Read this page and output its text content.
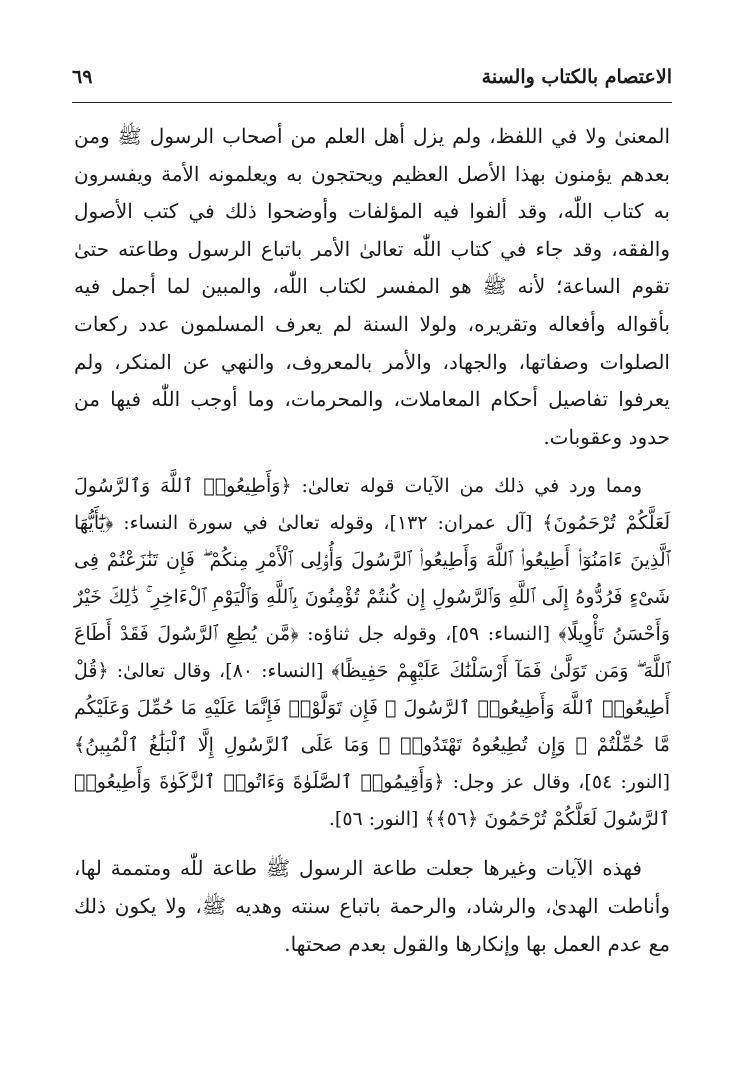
الاعتصام بالكتاب والسنة
٦٩

المعنىٰ ولا في اللفظ، ولم يزل أهل العلم من أصحاب الرسول ﷺ ومن بعدهم يؤمنون بهذا الأصل العظيم ويحتجون به ويعلمونه الأمة ويفسرون به كتاب اللّٰه، وقد ألفوا فيه المؤلفات وأوضحوا ذلك في كتب الأصول والفقه، وقد جاء في كتاب اللّٰه تعالىٰ الأمر باتباع الرسول وطاعته حتىٰ تقوم الساعة؛ لأنه ﷺ هو المفسر لكتاب اللّٰه، والمبين لما أجمل فيه بأقواله وأفعاله وتقريره، ولولا السنة لم يعرف المسلمون عدد ركعات الصلوات وصفاتها، والجهاد، والأمر بالمعروف، والنهي عن المنكر، ولم يعرفوا تفاصيل أحكام المعاملات، والمحرمات، وما أوجب اللّٰه فيها من حدود وعقوبات.

ومما ورد في ذلك من الآيات قوله تعالىٰ: ﴿وَأَطِيعُوا۟ ٱللَّهَ وَٱلرَّسُولَ لَعَلَّكُمْ تُرْحَمُونَ﴾ [آل عمران: ١٣٢]، وقوله تعالىٰ في سورة النساء: ﴿يَٰٓأَيُّهَا ٱلَّذِينَ ءَامَنُوٓا۟ أَطِيعُوا۟ ٱللَّهَ وَأَطِيعُوا۟ ٱلرَّسُولَ وَأُو۟لِى ٱلْأَمْرِ مِنكُمْ ۖ فَإِن تَنَٰزَعْتُمْ فِى شَىْءٍ فَرُدُّوهُ إِلَى ٱللَّهِ وَٱلرَّسُولِ إِن كُنتُمْ تُؤْمِنُونَ بِٱللَّهِ وَٱلْيَوْمِ ٱلْءَاخِرِ ۚ ذَٰلِكَ خَيْرٌ وَأَحْسَنُ تَأْوِيلًا﴾ [النساء: ٥٩]، وقوله جل ثناؤه: ﴿مَّن يُطِعِ ٱلرَّسُولَ فَقَدْ أَطَاعَ ٱللَّهَ ۖ وَمَن تَوَلَّىٰ فَمَآ أَرْسَلْنَٰكَ عَلَيْهِمْ حَفِيظًا﴾ [النساء: ٨٠]، وقال تعالىٰ: ﴿قُلْ أَطِيعُوا۟ ٱللَّهَ وَأَطِيعُوا۟ ٱلرَّسُولَ ۖ فَإِن تَوَلَّوْا۟ فَإِنَّمَا عَلَيْهِ مَا حُمِّلَ وَعَلَيْكُم مَّا حُمِّلْتُمْ ۖ وَإِن تُطِيعُوهُ تَهْتَدُوا۟ ۚ وَمَا عَلَى ٱلرَّسُولِ إِلَّا ٱلْبَلَٰغُ ٱلْمُبِينُ﴾ [النور: ٥٤]، وقال عز وجل: ﴿وَأَقِيمُوا۟ ٱلصَّلَوٰةَ وَءَاتُوا۟ ٱلزَّكَوٰةَ وَأَطِيعُوا۟ ٱلرَّسُولَ لَعَلَّكُمْ تُرْحَمُونَ ﴿٥٦﴾﴾ [النور: ٥٦].

فهذه الآيات وغيرها جعلت طاعة الرسول ﷺ طاعة للّٰه ومتممة لها، وأناطت الهدىٰ، والرشاد، والرحمة باتباع سنته وهديه ﷺ، ولا يكون ذلك مع عدم العمل بها وإنكارها والقول بعدم صحتها.
